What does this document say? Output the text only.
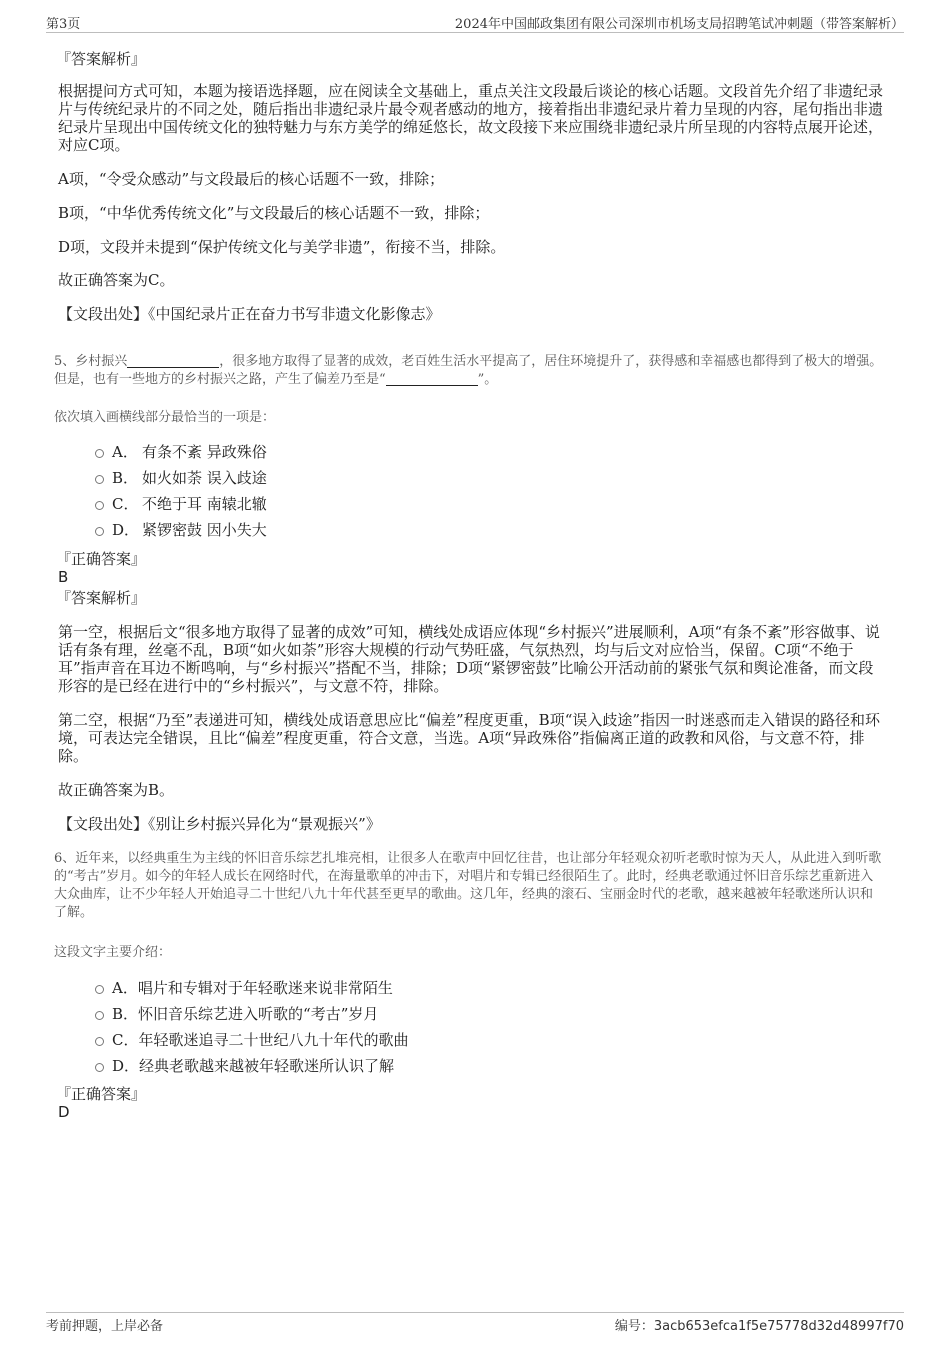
第3页	2024年中国邮政集团有限公司深圳市机场支局招聘笔试冲刺题（带答案解析）
『答案解析』
根据提问方式可知，本题为接语选择题，应在阅读全文基础上，重点关注文段最后谈论的核心话题。文段首先介绍了非遗纪录片与传统纪录片的不同之处，随后指出非遗纪录片最令观者感动的地方，接着指出非遗纪录片着力呈现的内容，尾句指出非遗纪录片呈现出中国传统文化的独特魅力与东方美学的绵延悠长，故文段接下来应围绕非遗纪录片所呈现的内容特点展开论述，对应C项。
A项，“令受众感动”与文段最后的核心话题不一致，排除；
B项，“中华优秀传统文化”与文段最后的核心话题不一致，排除；
D项，文段并未提到“保护传统文化与美学非遗”，衔接不当，排除。
故正确答案为C。
【文段出处】《中国纪录片正在奋力书写非遗文化影像志》
5、乡村振兴	，很多地方取得了显著的成效，老百姓生活水平提高了，居住环境提升了，获得感和幸福感也都得到了极大的增强。但是，也有一些地方的乡村振兴之路，产生了偏差乃至是“	”。
依次填入画横线部分最恰当的一项是：
A． 有条不紊 异政殊俗
B． 如火如荼 误入歧途
C． 不绝于耳 南辕北辙
D． 紧锣密鼓 因小失大
『正确答案』
B
『答案解析』
第一空，根据后文“很多地方取得了显著的成效”可知，横线处成语应体现“乡村振兴”进展顺利，A项“有条不紊”形容做事、说话有条有理，丝毫不乱，B项“如火如荼”形容大规模的行动气势旺盛，气氛热烈，均与后文对应恰当，保留。C项“不绝于耳”指声音在耳边不断鸣响，与“乡村振兴”搭配不当，排除；D项“紧锣密鼓”比喻公开活动前的紧张气氛和舆论准备，而文段形容的是已经在进行中的“乡村振兴”，与文意不符，排除。
第二空，根据“乃至”表递进可知，横线处成语意思应比“偏差”程度更重，B项“误入歧途”指因一时迷惑而走入错误的路径和环境，可表达完全错误，且比“偏差”程度更重，符合文意，当选。A项“异政殊俗”指偏离正道的政教和风俗，与文意不符，排除。
故正确答案为B。
【文段出处】《别让乡村振兴异化为“景观振兴”》
6、近年来，以经典重生为主线的怀旧音乐综艺扎堆亮相，让很多人在歌声中回忆往昔，也让部分年轻观众初听老歌时惊为天人，从此进入到听歌的“考古”岁月。如今的年轻人成长在网络时代，在海量歌单的冲击下，对唱片和专辑已经很陌生了。此时，经典老歌通过怀旧音乐综艺重新进入大众曲库，让不少年轻人开始追寻二十世纪八九十年代甚至更早的歌曲。这几年，经典的滚石、宝丽金时代的老歌，越来越被年轻歌迷所认识和了解。
这段文字主要介绍：
A．唱片和专辑对于年轻歌迷来说非常陌生
B．怀旧音乐综艺进入听歌的“考古”岁月
C．年轻歌迷追寻二十世纪八九十年代的歌曲
D．经典老歌越来越被年轻歌迷所认识了解
『正确答案』
D
考前押题，上岸必备	编号：3acb653efca1f5e75778d32d48997f70
